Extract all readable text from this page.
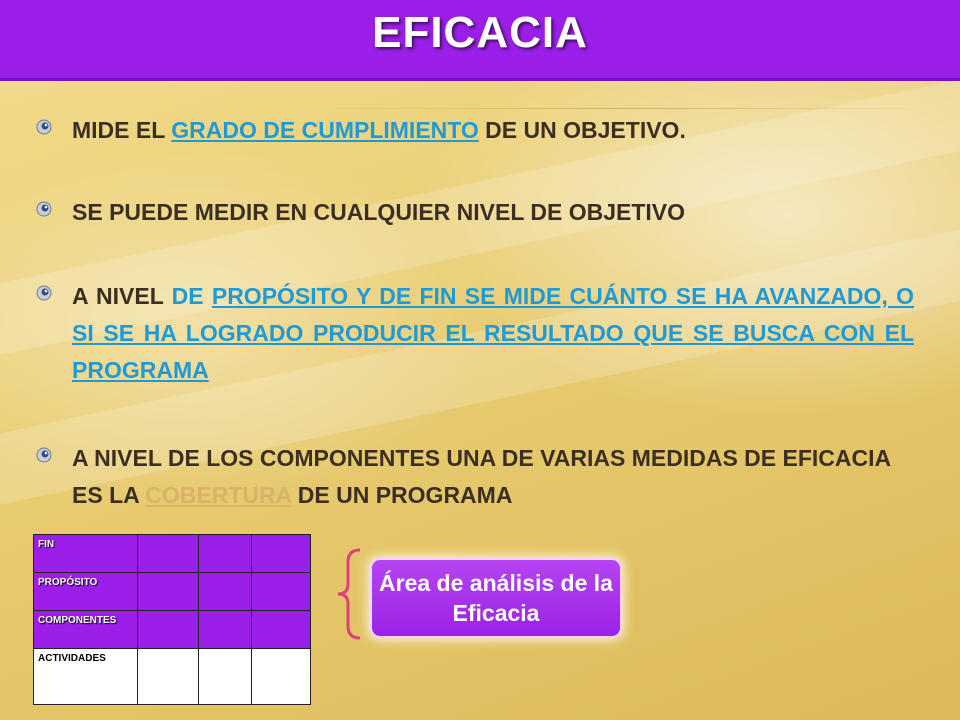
EFICACIA
MIDE EL GRADO DE CUMPLIMIENTO DE UN OBJETIVO.
SE PUEDE MEDIR EN CUALQUIER NIVEL DE OBJETIVO
A NIVEL DE PROPÓSITO Y DE FIN SE MIDE CUÁNTO SE HA AVANZADO, O SI SE HA LOGRADO PRODUCIR EL RESULTADO QUE SE BUSCA CON EL PROGRAMA
A NIVEL DE LOS COMPONENTES UNA DE VARIAS MEDIDAS DE EFICACIA ES LA COBERTURA DE UN PROGRAMA
FIN			
PROPÓSITO			
COMPONENTES			
ACTIVIDADES			
Área de análisis de la Eficacia
